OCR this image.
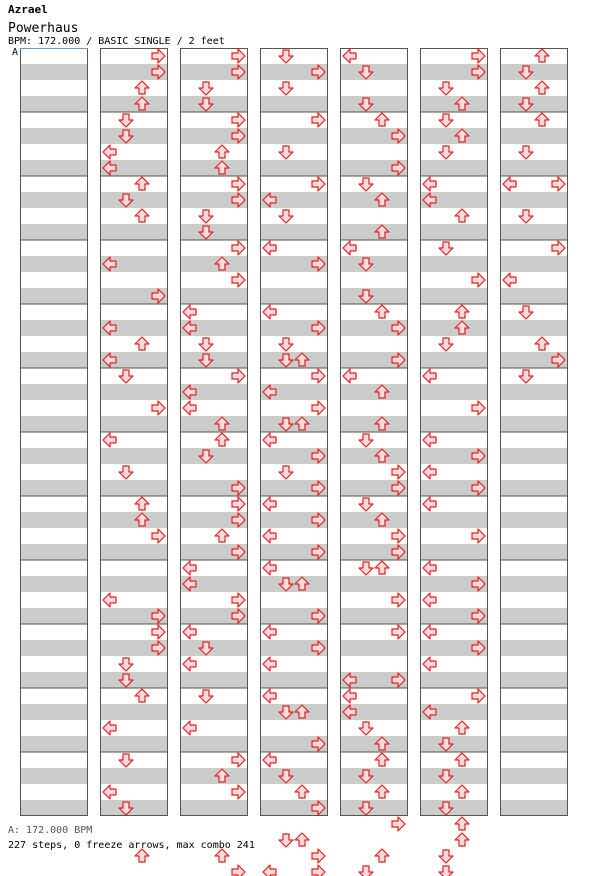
Azrael
Powerhaus
BPM: 172.000 / BASIC SINGLE / 2 feet
A
A: 172.000 BPM
227 steps, 0 freeze arrows, max combo 241
